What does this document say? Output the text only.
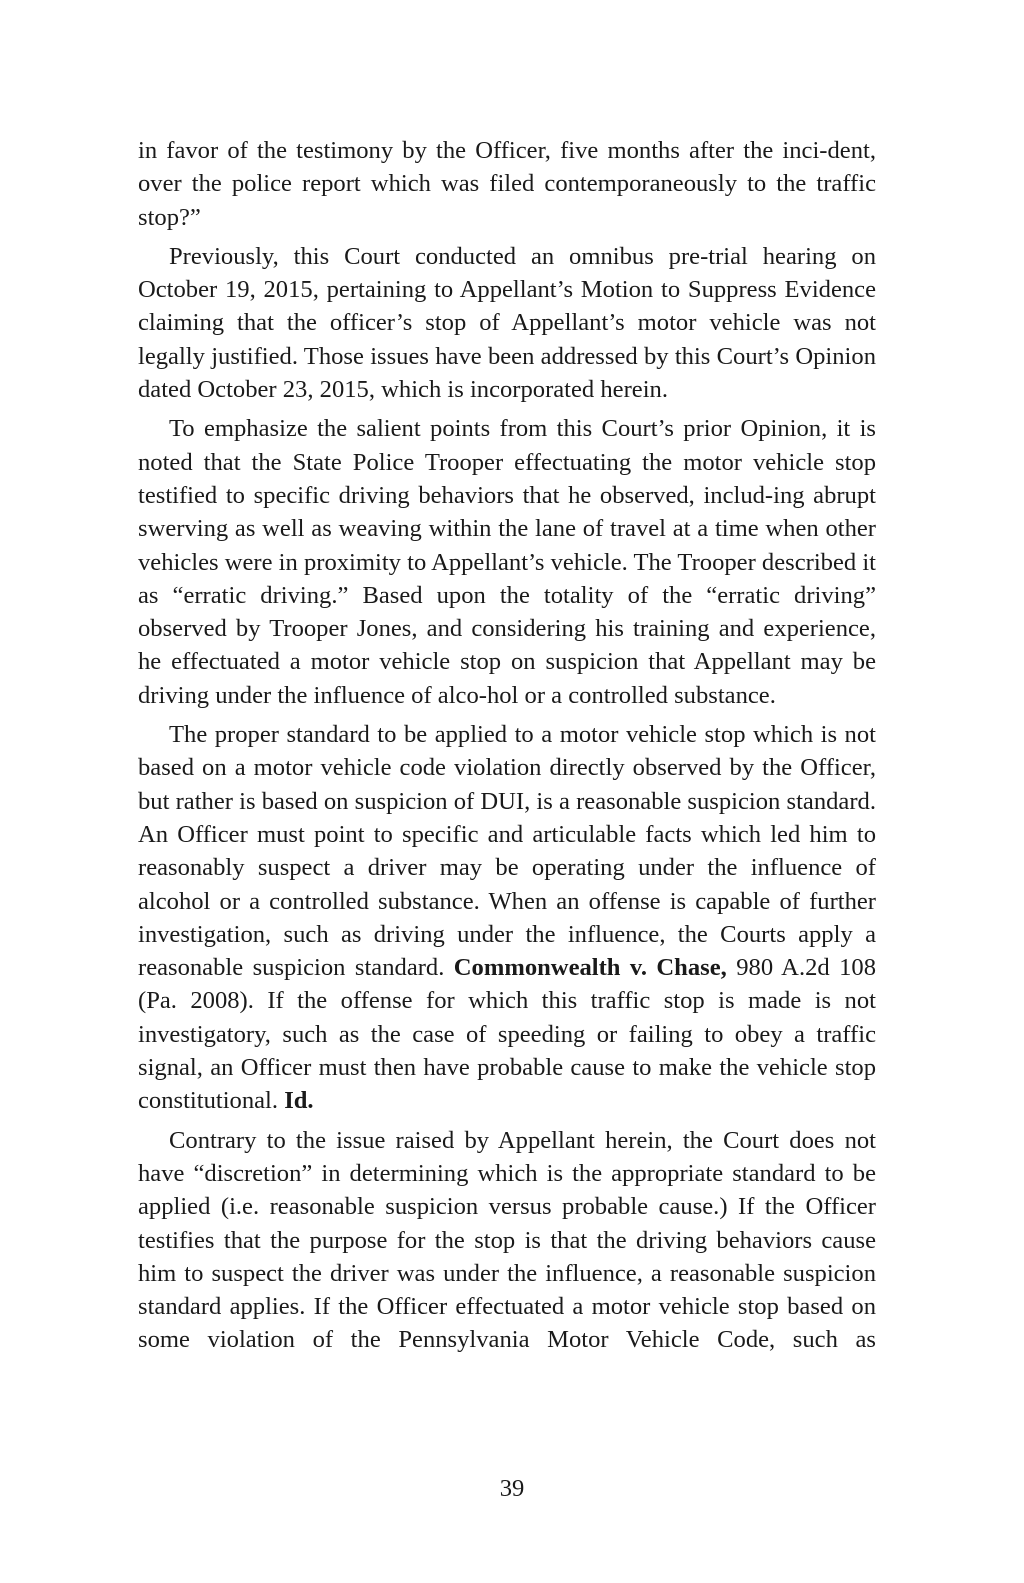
in favor of the testimony by the Officer, five months after the inci-dent, over the police report which was filed contemporaneously to the traffic stop?”

Previously, this Court conducted an omnibus pre-trial hearing on October 19, 2015, pertaining to Appellant’s Motion to Suppress Evidence claiming that the officer’s stop of Appellant’s motor vehicle was not legally justified. Those issues have been addressed by this Court’s Opinion dated October 23, 2015, which is incorporated herein.

To emphasize the salient points from this Court’s prior Opinion, it is noted that the State Police Trooper effectuating the motor vehicle stop testified to specific driving behaviors that he observed, includ-ing abrupt swerving as well as weaving within the lane of travel at a time when other vehicles were in proximity to Appellant’s vehicle. The Trooper described it as “erratic driving.” Based upon the totality of the “erratic driving” observed by Trooper Jones, and considering his training and experience, he effectuated a motor vehicle stop on suspicion that Appellant may be driving under the influence of alco-hol or a controlled substance.

The proper standard to be applied to a motor vehicle stop which is not based on a motor vehicle code violation directly observed by the Officer, but rather is based on suspicion of DUI, is a reasonable suspicion standard. An Officer must point to specific and articulable facts which led him to reasonably suspect a driver may be operating under the influence of alcohol or a controlled substance. When an offense is capable of further investigation, such as driving under the influence, the Courts apply a reasonable suspicion standard. Commonwealth v. Chase, 980 A.2d 108 (Pa. 2008). If the offense for which this traffic stop is made is not investigatory, such as the case of speeding or failing to obey a traffic signal, an Officer must then have probable cause to make the vehicle stop constitutional. Id.

Contrary to the issue raised by Appellant herein, the Court does not have “discretion” in determining which is the appropriate standard to be applied (i.e. reasonable suspicion versus probable cause.) If the Officer testifies that the purpose for the stop is that the driving behaviors cause him to suspect the driver was under the influence, a reasonable suspicion standard applies. If the Officer effectuated a motor vehicle stop based on some violation of the Pennsylvania Motor Vehicle Code, such as

39
